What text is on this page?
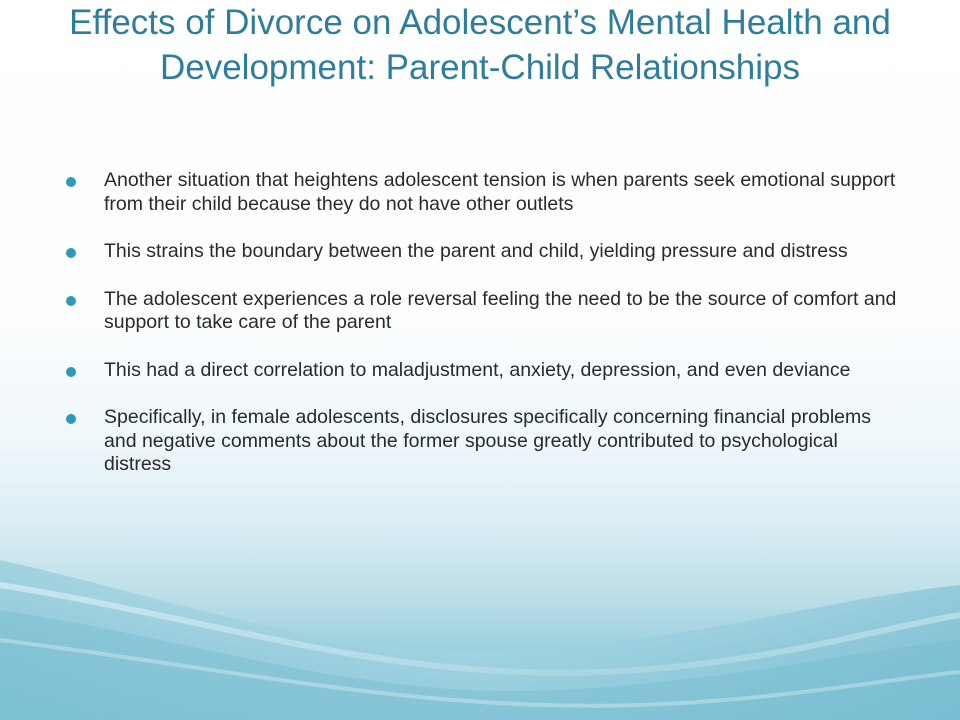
Effects of Divorce on Adolescent’s Mental Health and Development: Parent-Child Relationships
Another situation that heightens adolescent tension is when parents seek emotional support from their child because they do not have other outlets
This strains the boundary between the parent and child, yielding pressure and distress
The adolescent experiences a role reversal feeling the need to be the source of comfort and support to take care of the parent
This had a direct correlation to maladjustment, anxiety, depression, and even deviance
Specifically, in female adolescents, disclosures specifically concerning financial problems and negative comments about the former spouse greatly contributed to psychological distress
